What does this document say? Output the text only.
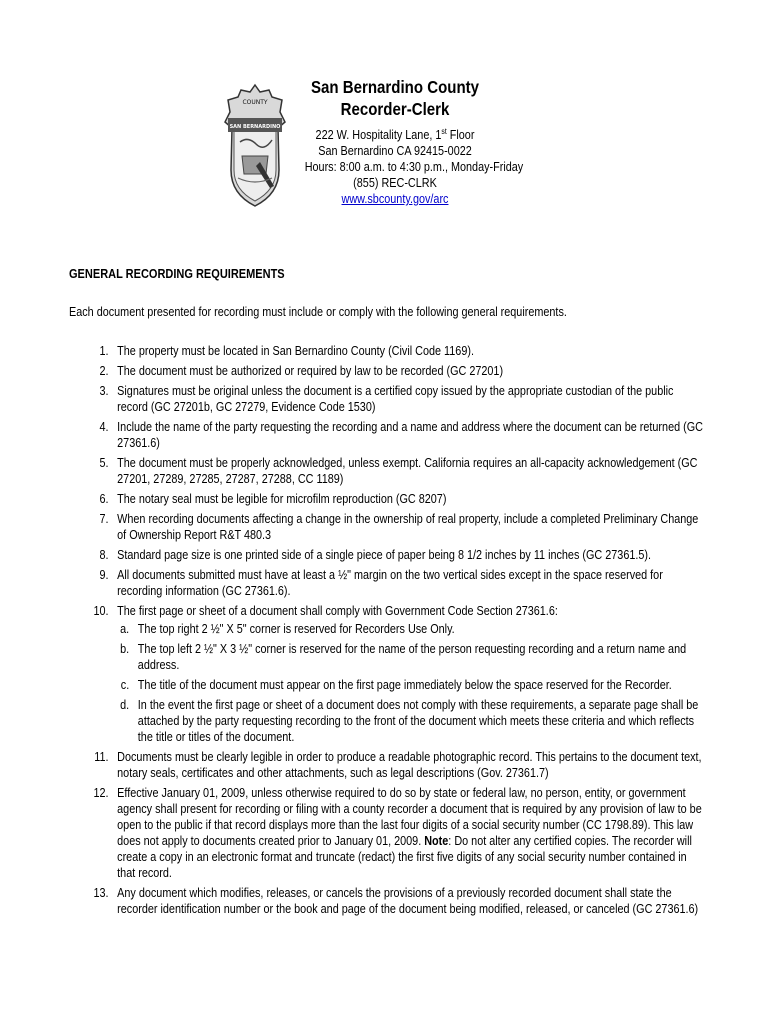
COUNTY
SAN BERNARDINO
San Bernardino County
Recorder-Clerk
222 W. Hospitality Lane, 1st Floor
San Bernardino CA 92415-0022
Hours: 8:00 a.m. to 4:30 p.m., Monday-Friday
(855) REC-CLRK
www.sbcounty.gov/arc

GENERAL RECORDING REQUIREMENTS

Each document presented for recording must include or comply with the following general requirements.

1. The property must be located in San Bernardino County (Civil Code 1169).
2. The document must be authorized or required by law to be recorded (GC 27201)
3. Signatures must be original unless the document is a certified copy issued by the appropriate custodian of the public record (GC 27201b, GC 27279, Evidence Code 1530)
4. Include the name of the party requesting the recording and a name and address where the document can be returned (GC 27361.6)
5. The document must be properly acknowledged, unless exempt. California requires an all-capacity acknowledgement (GC 27201, 27289, 27285, 27287, 27288, CC 1189)
6. The notary seal must be legible for microfilm reproduction (GC 8207)
7. When recording documents affecting a change in the ownership of real property, include a completed Preliminary Change of Ownership Report R&T 480.3
8. Standard page size is one printed side of a single piece of paper being 8 1/2 inches by 11 inches (GC 27361.5).
9. All documents submitted must have at least a ½" margin on the two vertical sides except in the space reserved for recording information (GC 27361.6).
10. The first page or sheet of a document shall comply with Government Code Section 27361.6:
a. The top right 2 ½" X 5" corner is reserved for Recorders Use Only.
b. The top left 2 ½" X 3 ½" corner is reserved for the name of the person requesting recording and a return name and address.
c. The title of the document must appear on the first page immediately below the space reserved for the Recorder.
d. In the event the first page or sheet of a document does not comply with these requirements, a separate page shall be attached by the party requesting recording to the front of the document which meets these criteria and which reflects the title or titles of the document.
11. Documents must be clearly legible in order to produce a readable photographic record. This pertains to the document text, notary seals, certificates and other attachments, such as legal descriptions (Gov. 27361.7)
12. Effective January 01, 2009, unless otherwise required to do so by state or federal law, no person, entity, or government agency shall present for recording or filing with a county recorder a document that is required by any provision of law to be open to the public if that record displays more than the last four digits of a social security number (CC 1798.89). This law does not apply to documents created prior to January 01, 2009. Note: Do not alter any certified copies. The recorder will create a copy in an electronic format and truncate (redact) the first five digits of any social security number contained in that record.
13. Any document which modifies, releases, or cancels the provisions of a previously recorded document shall state the recorder identification number or the book and page of the document being modified, released, or canceled (GC 27361.6)
